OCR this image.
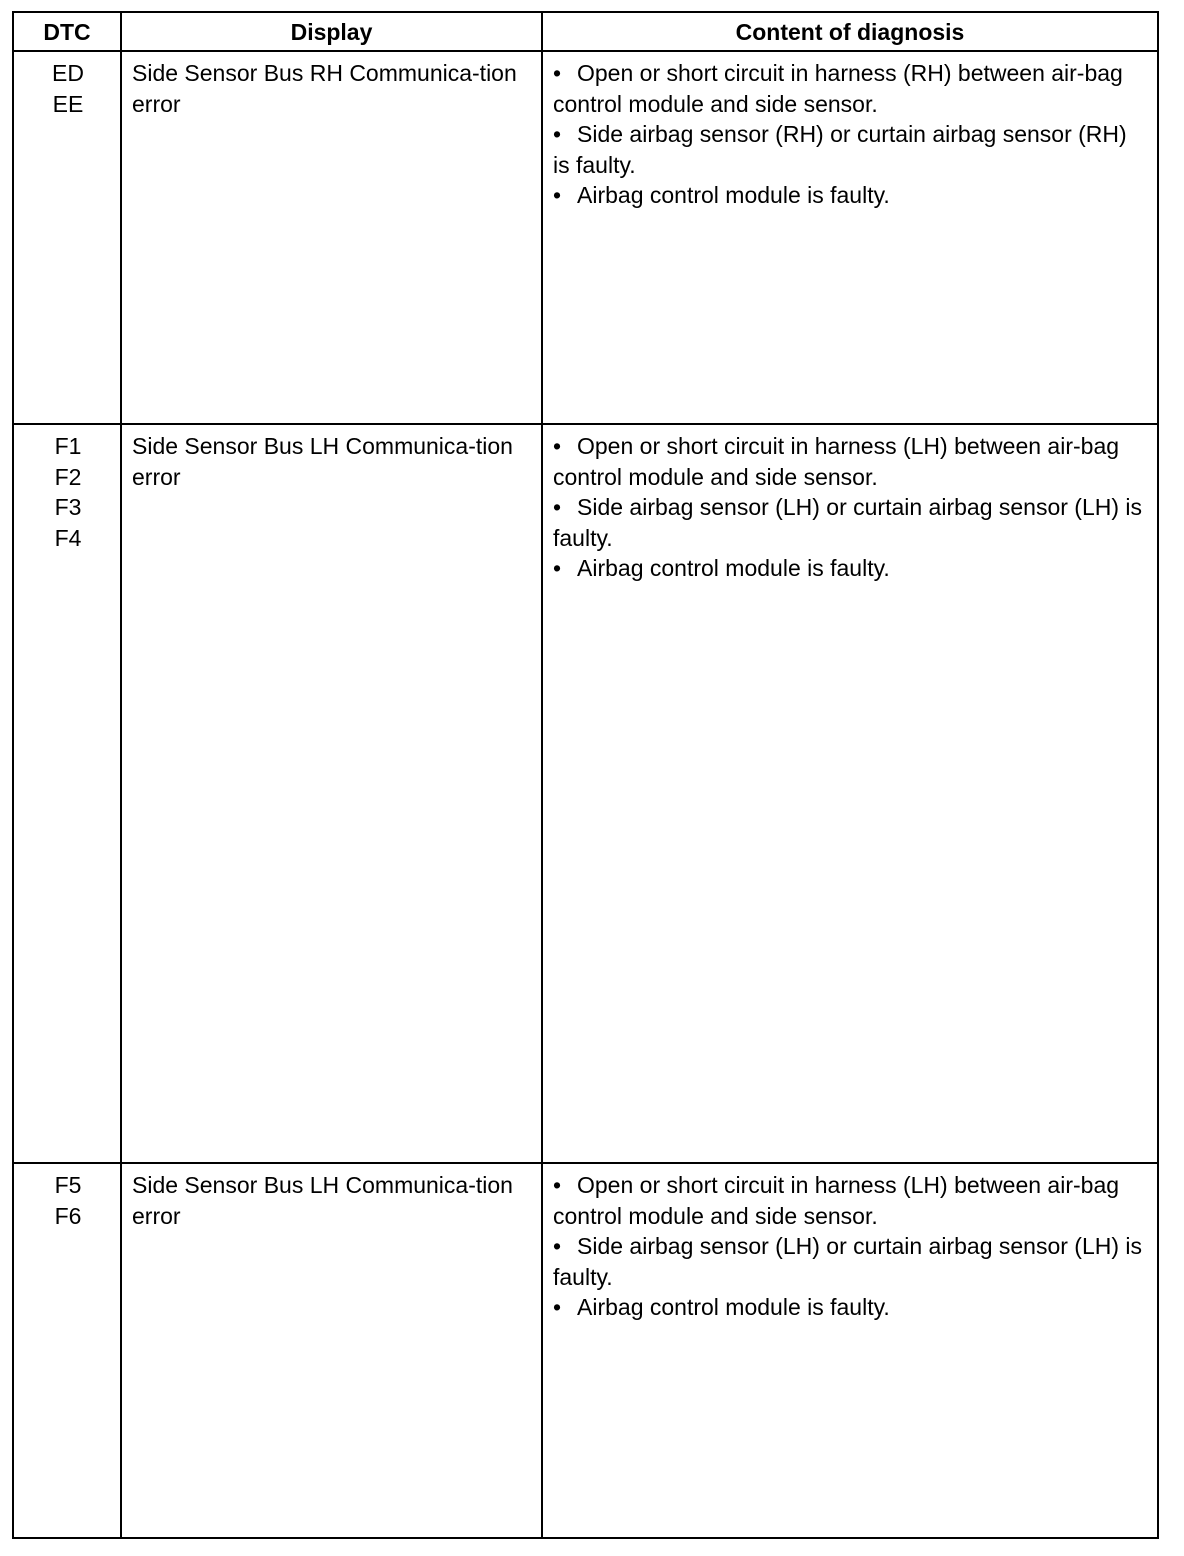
DTC	Display	Content of diagnosis

ED
EE	Side Sensor Bus RH Communica-tion error	• Open or short circuit in harness (RH) between air-bag control module and side sensor.
• Side airbag sensor (RH) or curtain airbag sensor (RH) is faulty.
• Airbag control module is faulty.

F1
F2
F3
F4	Side Sensor Bus LH Communica-tion error	• Open or short circuit in harness (LH) between air-bag control module and side sensor.
• Side airbag sensor (LH) or curtain airbag sensor (LH) is faulty.
• Airbag control module is faulty.

F5
F6	Side Sensor Bus LH Communica-tion error	• Open or short circuit in harness (LH) between air-bag control module and side sensor.
• Side airbag sensor (LH) or curtain airbag sensor (LH) is faulty.
• Airbag control module is faulty.
